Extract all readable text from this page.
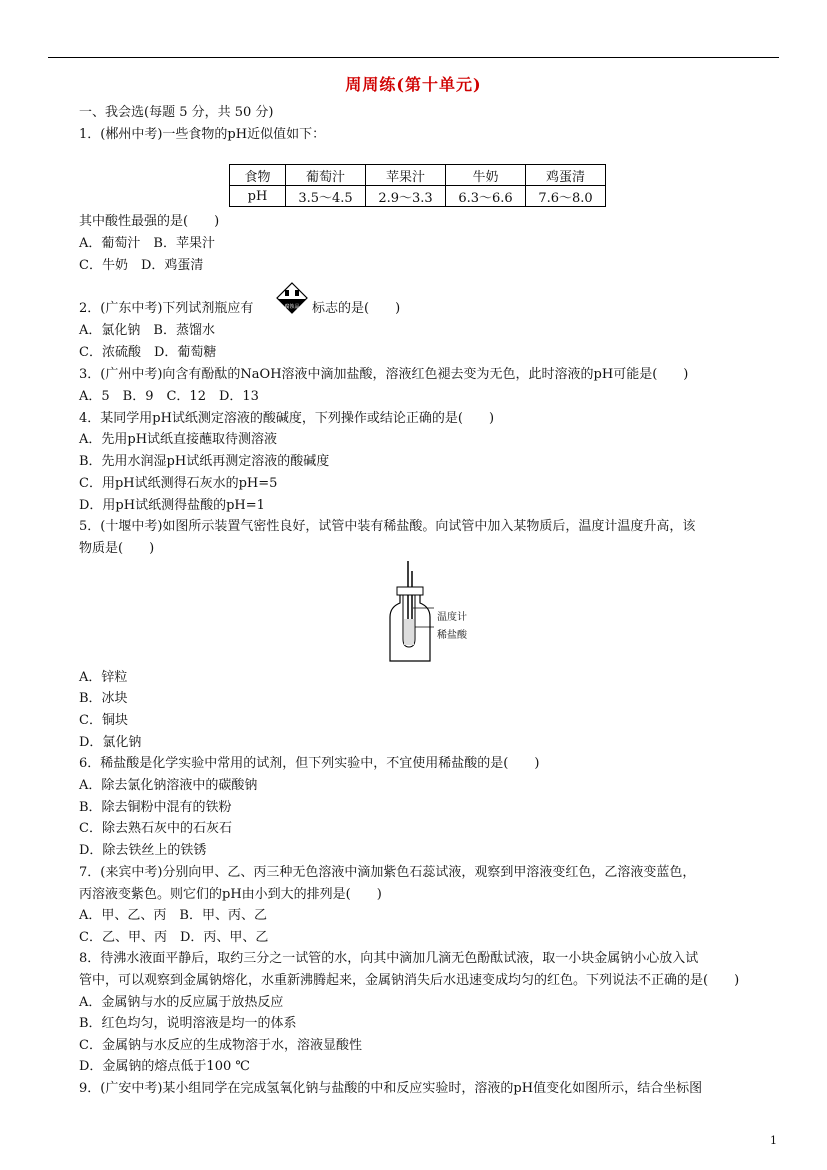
周周练(第十单元)
一、我会选(每题 5 分，共 50 分)
1．(郴州中考)一些食物的pH近似值如下：
食物	葡萄汁	苹果汁	牛奶	鸡蛋清
pH	3.5～4.5	2.9～3.3	6.3～6.6	7.6～8.0
其中酸性最强的是(　　)
A．葡萄汁　B．苹果汁
C．牛奶　D．鸡蛋清
2．(广东中考)下列试剂瓶应有	腐蚀品 标志的是(　　)
A．氯化钠　B．蒸馏水
C．浓硫酸　D．葡萄糖
3．(广州中考)向含有酚酞的NaOH溶液中滴加盐酸，溶液红色褪去变为无色，此时溶液的pH可能是(　　)
A．5　B．9　C．12　D．13
4．某同学用pH试纸测定溶液的酸碱度，下列操作或结论正确的是(　　)
A．先用pH试纸直接蘸取待测溶液
B．先用水润湿pH试纸再测定溶液的酸碱度
C．用pH试纸测得石灰水的pH=5
D．用pH试纸测得盐酸的pH=1
5．(十堰中考)如图所示装置气密性良好，试管中装有稀盐酸。向试管中加入某物质后，温度计温度升高，该
物质是(　　)
温度计
稀盐酸
A．锌粒
B．冰块
C．铜块
D．氯化钠
6．稀盐酸是化学实验中常用的试剂，但下列实验中，不宜使用稀盐酸的是(　　)
A．除去氯化钠溶液中的碳酸钠
B．除去铜粉中混有的铁粉
C．除去熟石灰中的石灰石
D．除去铁丝上的铁锈
7．(来宾中考)分别向甲、乙、丙三种无色溶液中滴加紫色石蕊试液，观察到甲溶液变红色，乙溶液变蓝色，
丙溶液变紫色。则它们的pH由小到大的排列是(　　)
A．甲、乙、丙　B．甲、丙、乙
C．乙、甲、丙　D．丙、甲、乙
8．待沸水液面平静后，取约三分之一试管的水，向其中滴加几滴无色酚酞试液，取一小块金属钠小心放入试
管中，可以观察到金属钠熔化，水重新沸腾起来，金属钠消失后水迅速变成均匀的红色。下列说法不正确的是(　　)
A．金属钠与水的反应属于放热反应
B．红色均匀，说明溶液是均一的体系
C．金属钠与水反应的生成物溶于水，溶液显酸性
D．金属钠的熔点低于100 ℃
9．(广安中考)某小组同学在完成氢氧化钠与盐酸的中和反应实验时，溶液的pH值变化如图所示，结合坐标图
1
